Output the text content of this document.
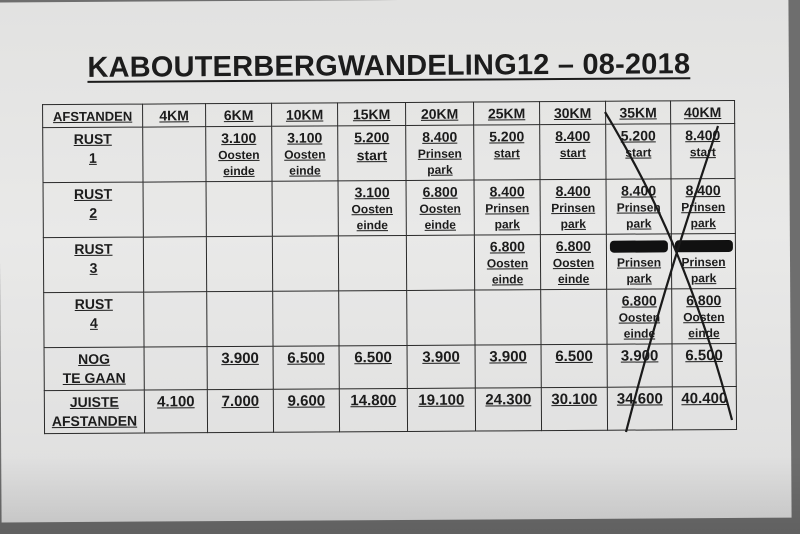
KABOUTERBERGWANDELING12 – 08-2018
AFSTANDEN	4KM	6KM	10KM	15KM	20KM	25KM	30KM	35KM	40KM
RUST
1		3.100
Oosten
einde	3.100
Oosten
einde	5.200
start	8.400
Prinsen
park	5.200
start	8.400
start	5.200
start	8.400
start

RUST
2				3.100
Oosten
einde	6.800
Oosten
einde	8.400
Prinsen
park	8.400
Prinsen
park	8.400
Prinsen
park	8.400
Prinsen
park

RUST
3						6.800
Oosten
einde	6.800
Oosten
einde	Prinsen
park	Prinsen
park

RUST
4								6.800
Oosten
einde	6.800
Oosten
einde

NOG
TE GAAN		3.900	6.500	6.500	3.900	3.900	6.500	3.900	6.500
JUISTE
AFSTANDEN	4.100	7.000	9.600	14.800	19.100	24.300	30.100	34.600	40.400
